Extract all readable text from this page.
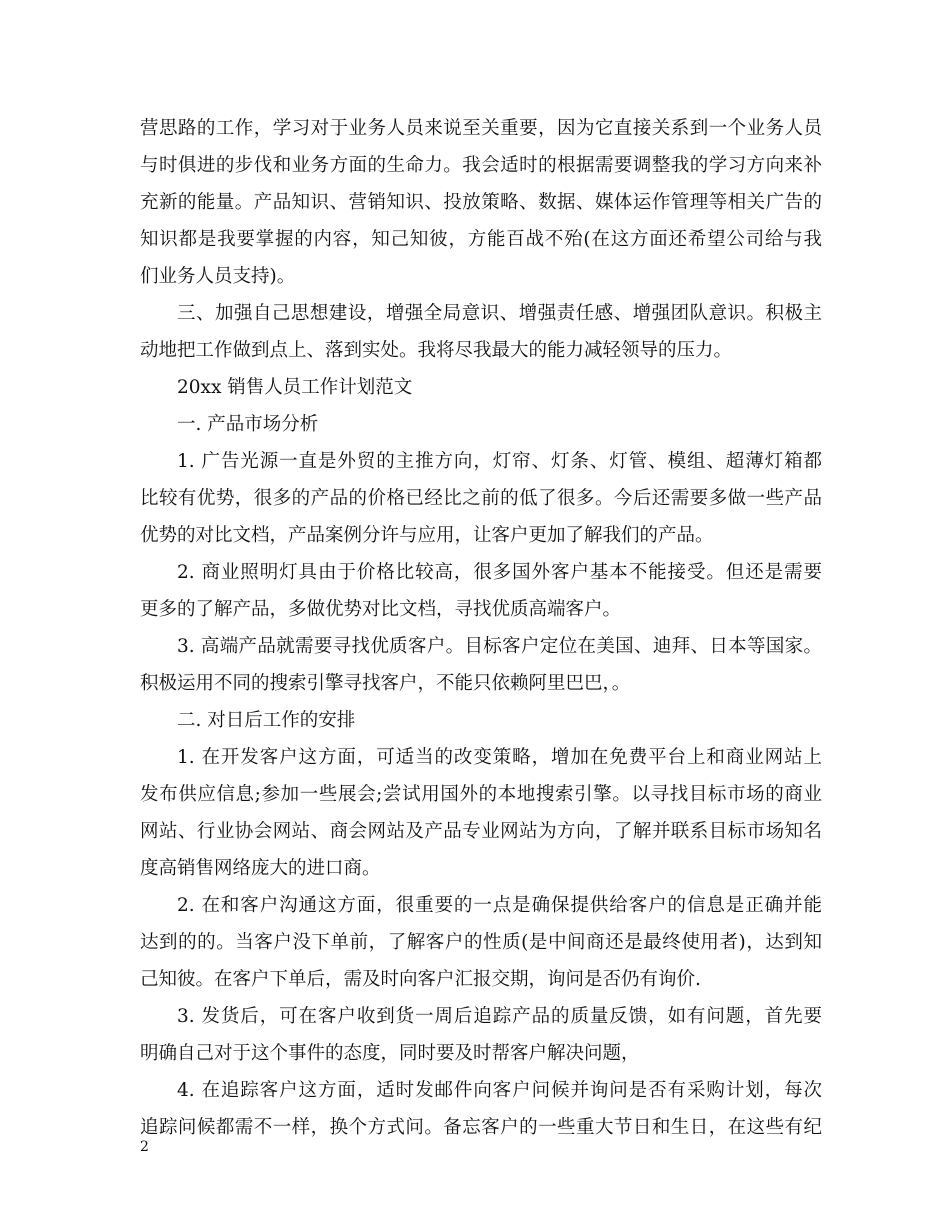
营思路的工作，学习对于业务人员来说至关重要，因为它直接关系到一个业务人员
与时俱进的步伐和业务方面的生命力。我会适时的根据需要调整我的学习方向来补
充新的能量。产品知识、营销知识、投放策略、数据、媒体运作管理等相关广告的
知识都是我要掌握的内容，知己知彼，方能百战不殆(在这方面还希望公司给与我
们业务人员支持)。
三、加强自己思想建设，增强全局意识、增强责任感、增强团队意识。积极主
动地把工作做到点上、落到实处。我将尽我最大的能力减轻领导的压力。
20xx 销售人员工作计划范文
一. 产品市场分析
1. 广告光源一直是外贸的主推方向，灯帘、灯条、灯管、模组、超薄灯箱都
比较有优势，很多的产品的价格已经比之前的低了很多。今后还需要多做一些产品
优势的对比文档，产品案例分许与应用，让客户更加了解我们的产品。
2. 商业照明灯具由于价格比较高，很多国外客户基本不能接受。但还是需要
更多的了解产品，多做优势对比文档，寻找优质高端客户。
3. 高端产品就需要寻找优质客户。目标客户定位在美国、迪拜、日本等国家。
积极运用不同的搜索引擎寻找客户，不能只依赖阿里巴巴，。
二. 对日后工作的安排
1. 在开发客户这方面，可适当的改变策略，增加在免费平台上和商业网站上
发布供应信息;参加一些展会;尝试用国外的本地搜索引擎。以寻找目标市场的商业
网站、行业协会网站、商会网站及产品专业网站为方向，了解并联系目标市场知名
度高销售网络庞大的进口商。
2. 在和客户沟通这方面，很重要的一点是确保提供给客户的信息是正确并能
达到的的。当客户没下单前，了解客户的性质(是中间商还是最终使用者)，达到知
己知彼。在客户下单后，需及时向客户汇报交期，询问是否仍有询价.
3. 发货后，可在客户收到货一周后追踪产品的质量反馈，如有问题，首先要
明确自己对于这个事件的态度，同时要及时帮客户解决问题，
4. 在追踪客户这方面，适时发邮件向客户问候并询问是否有采购计划，每次
追踪问候都需不一样，换个方式问。备忘客户的一些重大节日和生日，在这些有纪
2
